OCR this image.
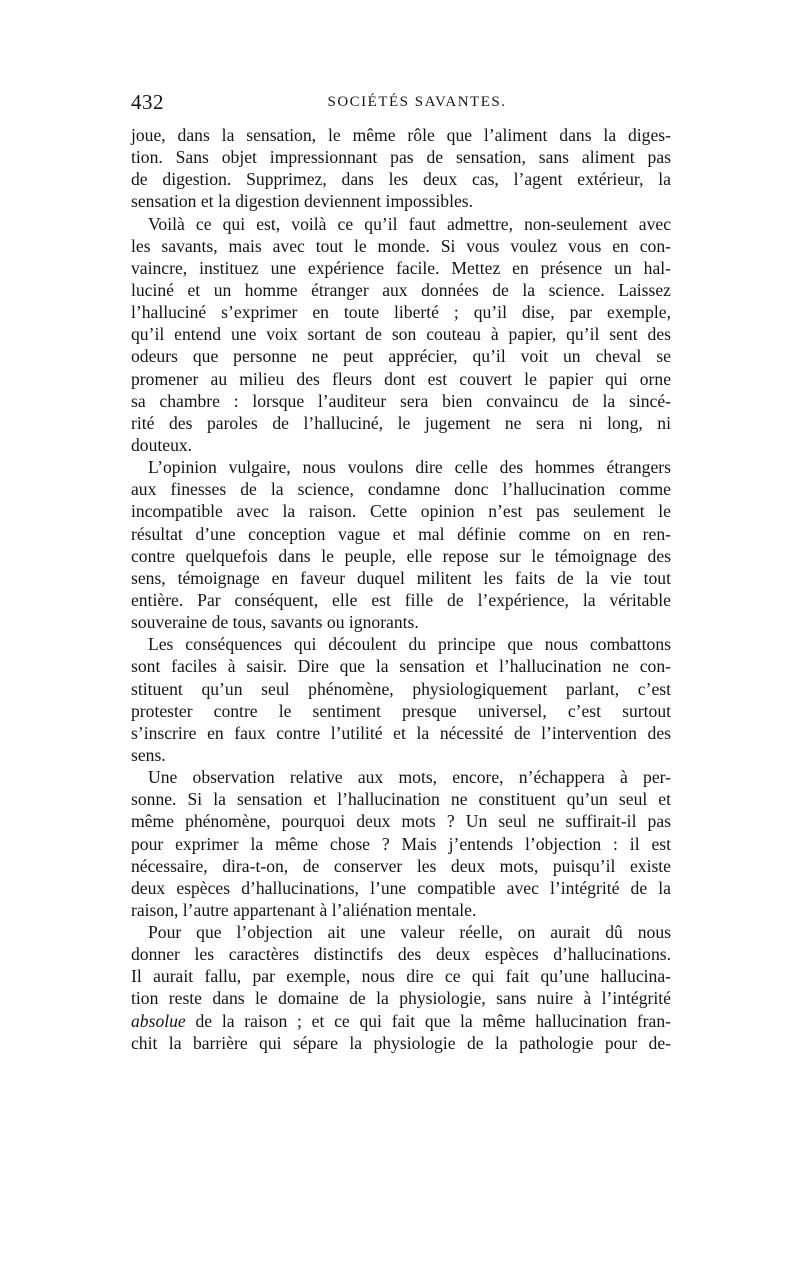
432	SOCIÉTÉS SAVANTES.

joue, dans la sensation, le même rôle que l’aliment dans la diges-
tion. Sans objet impressionnant pas de sensation, sans aliment pas
de digestion. Supprimez, dans les deux cas, l’agent extérieur, la
sensation et la digestion deviennent impossibles.

Voilà ce qui est, voilà ce qu’il faut admettre, non-seulement avec
les savants, mais avec tout le monde. Si vous voulez vous en con-
vaincre, instituez une expérience facile. Mettez en présence un hal-
luciné et un homme étranger aux données de la science. Laissez
l’halluciné s’exprimer en toute liberté ; qu’il dise, par exemple,
qu’il entend une voix sortant de son couteau à papier, qu’il sent des
odeurs que personne ne peut apprécier, qu’il voit un cheval se
promener au milieu des fleurs dont est couvert le papier qui orne
sa chambre : lorsque l’auditeur sera bien convaincu de la sincé-
rité des paroles de l’halluciné, le jugement ne sera ni long, ni
douteux.

L’opinion vulgaire, nous voulons dire celle des hommes étrangers
aux finesses de la science, condamne donc l’hallucination comme
incompatible avec la raison. Cette opinion n’est pas seulement le
résultat d’une conception vague et mal définie comme on en ren-
contre quelquefois dans le peuple, elle repose sur le témoignage des
sens, témoignage en faveur duquel militent les faits de la vie tout
entière. Par conséquent, elle est fille de l’expérience, la véritable
souveraine de tous, savants ou ignorants.

Les conséquences qui découlent du principe que nous combattons
sont faciles à saisir. Dire que la sensation et l’hallucination ne con-
stituent qu’un seul phénomène, physiologiquement parlant, c’est
protester contre le sentiment presque universel, c’est surtout
s’inscrire en faux contre l’utilité et la nécessité de l’intervention des
sens.

Une observation relative aux mots, encore, n’échappera à per-
sonne. Si la sensation et l’hallucination ne constituent qu’un seul et
même phénomène, pourquoi deux mots ? Un seul ne suffirait-il pas
pour exprimer la même chose ? Mais j’entends l’objection : il est
nécessaire, dira-t-on, de conserver les deux mots, puisqu’il existe
deux espèces d’hallucinations, l’une compatible avec l’intégrité de la
raison, l’autre appartenant à l’aliénation mentale.

Pour que l’objection ait une valeur réelle, on aurait dû nous
donner les caractères distinctifs des deux espèces d’hallucinations.
Il aurait fallu, par exemple, nous dire ce qui fait qu’une hallucina-
tion reste dans le domaine de la physiologie, sans nuire à l’intégrité
absolue de la raison ; et ce qui fait que la même hallucination fran-
chit la barrière qui sépare la physiologie de la pathologie pour de-
